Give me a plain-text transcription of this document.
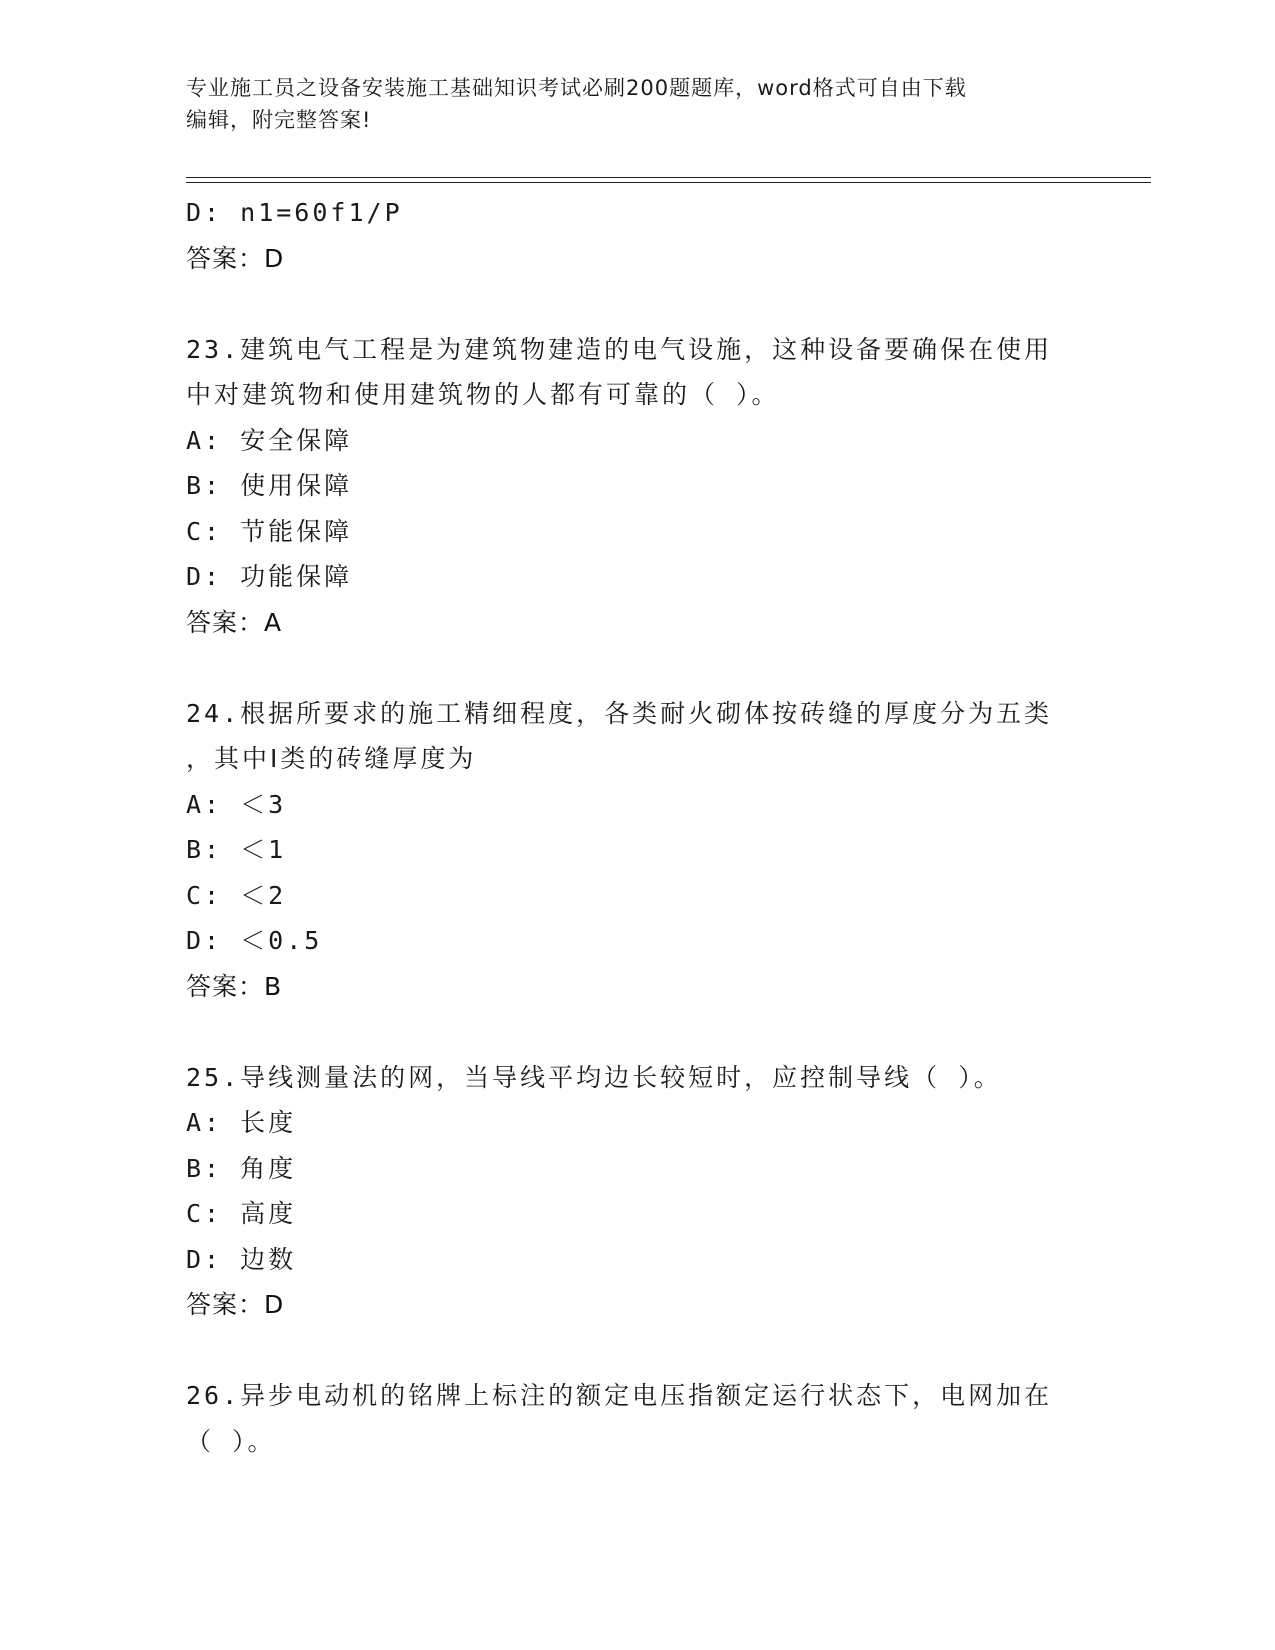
专业施工员之设备安装施工基础知识考试必刷200题题库，word格式可自由下载
编辑，附完整答案!
D: n1=60f1/P
答案：D
23.建筑电气工程是为建筑物建造的电气设施，这种设备要确保在使用
中对建筑物和使用建筑物的人都有可靠的（ ）。
A: 安全保障
B: 使用保障
C: 节能保障
D: 功能保障
答案：A
24.根据所要求的施工精细程度，各类耐火砌体按砖缝的厚度分为五类
，其中Ⅰ类的砖缝厚度为
A: ＜3
B: ＜1
C: ＜2
D: ＜0.5
答案：B
25.导线测量法的网，当导线平均边长较短时，应控制导线（ ）。
A: 长度
B: 角度
C: 高度
D: 边数
答案：D
26.异步电动机的铭牌上标注的额定电压指额定运行状态下，电网加在
（ ）。
